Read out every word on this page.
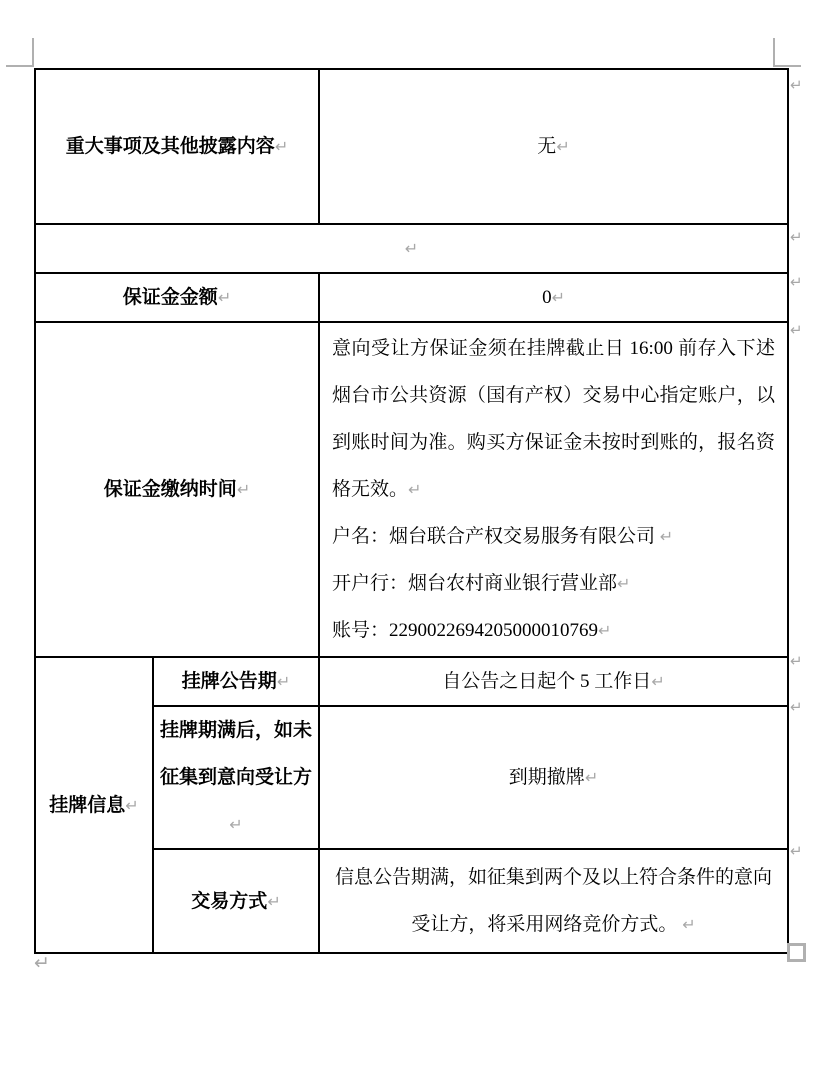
重大事项及其他披露内容↵		无↵
↵		
保证金金额↵		0↵
保证金缴纳时间↵		意向受让方保证金须在挂牌截止日 16:00 前存入下述烟台市公共资源（国有产权）交易中心指定账户，以到账时间为准。购买方保证金未按时到账的，报名资格无效。↵
户名：烟台联合产权交易服务有限公司 ↵
开户行：烟台农村商业银行营业部↵
账号：2290022694205000010769↵

挂牌信息↵	挂牌公告期↵	自公告之日起个 5 工作日↵
	挂牌期满后，如未征集到意向受让方↵	到期撤牌↵
	交易方式↵	信息公告期满，如征集到两个及以上符合条件的意向受让方，将采用网络竞价方式。 ↵
↵
↵
↵
↵
↵
↵
↵
↵
